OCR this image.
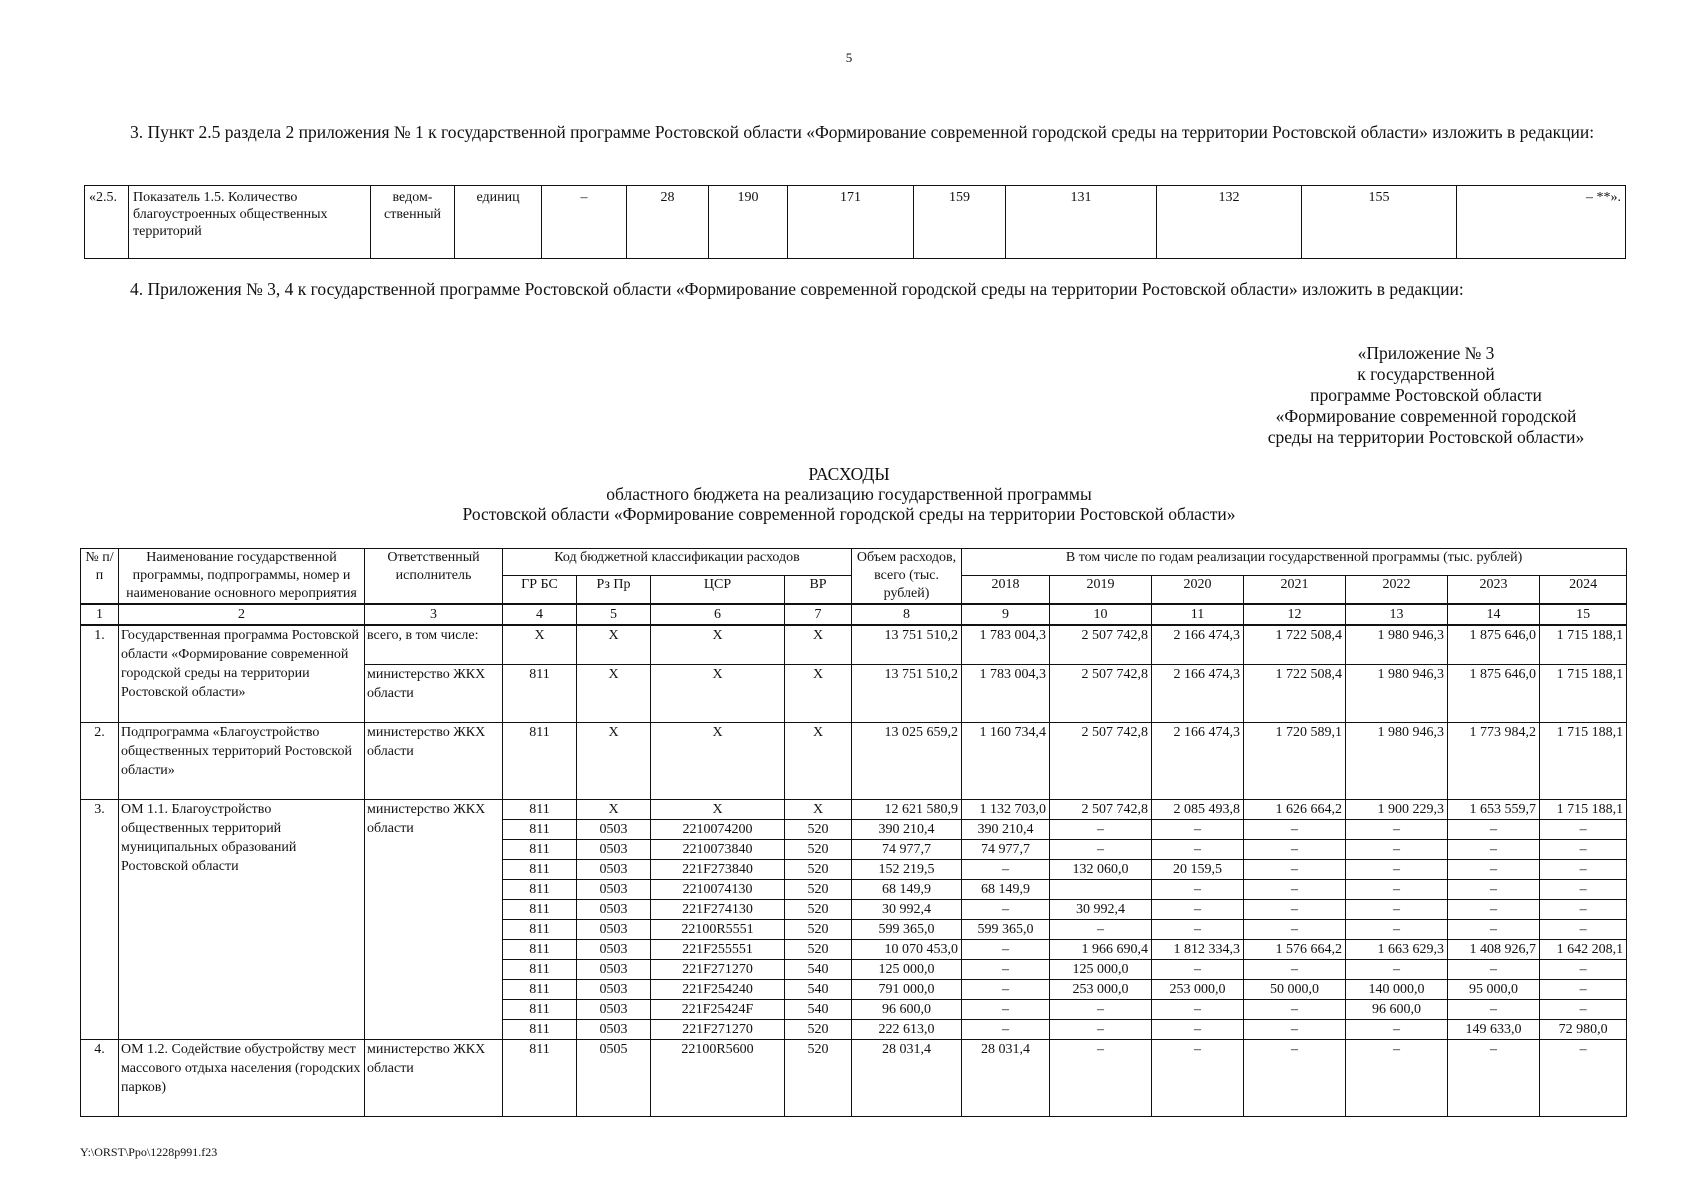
5
3. Пункт 2.5 раздела 2 приложения № 1 к государственной программе Ростовской области «Формирование современной городской среды на территории Ростовской области» изложить в редакции:
«2.5.	Показатель 1.5. Количество благоустроенных общественных территорий	ведом-ственный	единиц	–	28	190	171	159	131	132	155	– **».
4. Приложения № 3, 4 к государственной программе Ростовской области «Формирование современной городской среды на территории Ростовской области» изложить в редакции:
«Приложение № 3
к государственной
программе Ростовской области
«Формирование современной городской
среды на территории Ростовской области»
РАСХОДЫ
областного бюджета на реализацию государственной программы
Ростовской области «Формирование современной городской среды на территории Ростовской области»
№ п/п	Наименование государственной программы, подпрограммы, номер и наименование основного мероприятия	Ответственный исполнитель	Код бюджетной классификации расходов				Объем расходов, всего (тыс. рублей)	В том числе по годам реализации государственной программы (тыс. рублей)						
			ГР БС	Рз Пр	ЦСР	ВР		2018	2019	2020	2021	2022	2023	2024
1	2	3	4	5	6	7	8	9	10	11	12	13	14	15
1.	Государственная программа Ростовской области «Формирование современной городской среды на территории Ростовской области»	всего, в том числе:	X	X	X	X	13 751 510,2	1 783 004,3	2 507 742,8	2 166 474,3	1 722 508,4	1 980 946,3	1 875 646,0	1 715 188,1
		министерство ЖКХ области	811	X	X	X	13 751 510,2	1 783 004,3	2 507 742,8	2 166 474,3	1 722 508,4	1 980 946,3	1 875 646,0	1 715 188,1
2.	Подпрограмма «Благоустройство общественных территорий Ростовской области»	министерство ЖКХ области	811	X	X	X	13 025 659,2	1 160 734,4	2 507 742,8	2 166 474,3	1 720 589,1	1 980 946,3	1 773 984,2	1 715 188,1
3.	ОМ 1.1. Благоустройство общественных территорий муниципальных образований Ростовской области	министерство ЖКХ области	811	X	X	X	12 621 580,9	1 132 703,0	2 507 742,8	2 085 493,8	1 626 664,2	1 900 229,3	1 653 559,7	1 715 188,1
			811	0503	2210074200	520	390 210,4	390 210,4	–	–	–	–	–	–
			811	0503	2210073840	520	74 977,7	74 977,7	–	–	–	–	–	–
			811	0503	221F273840	520	152 219,5	–	132 060,0	20 159,5	–	–	–	–
			811	0503	2210074130	520	68 149,9	68 149,9		–	–	–	–	–
			811	0503	221F274130	520	30 992,4	–	30 992,4	–	–	–	–	–
			811	0503	22100R5551	520	599 365,0	599 365,0	–	–	–	–	–	–
			811	0503	221F255551	520	10 070 453,0	–	1 966 690,4	1 812 334,3	1 576 664,2	1 663 629,3	1 408 926,7	1 642 208,1
			811	0503	221F271270	540	125 000,0	–	125 000,0	–	–	–	–	–
			811	0503	221F254240	540	791 000,0	–	253 000,0	253 000,0	50 000,0	140 000,0	95 000,0	–
			811	0503	221F25424F	540	96 600,0	–	–	–	–	96 600,0	–	–
			811	0503	221F271270	520	222 613,0	–	–	–	–	–	149 633,0	72 980,0
4.	ОМ 1.2. Содействие обустройству мест массового отдыха населения (городских парков)	министерство ЖКХ области	811	0505	22100R5600	520	28 031,4	28 031,4	–	–	–	–	–	–
Y:\ORST\Ppo\1228p991.f23
